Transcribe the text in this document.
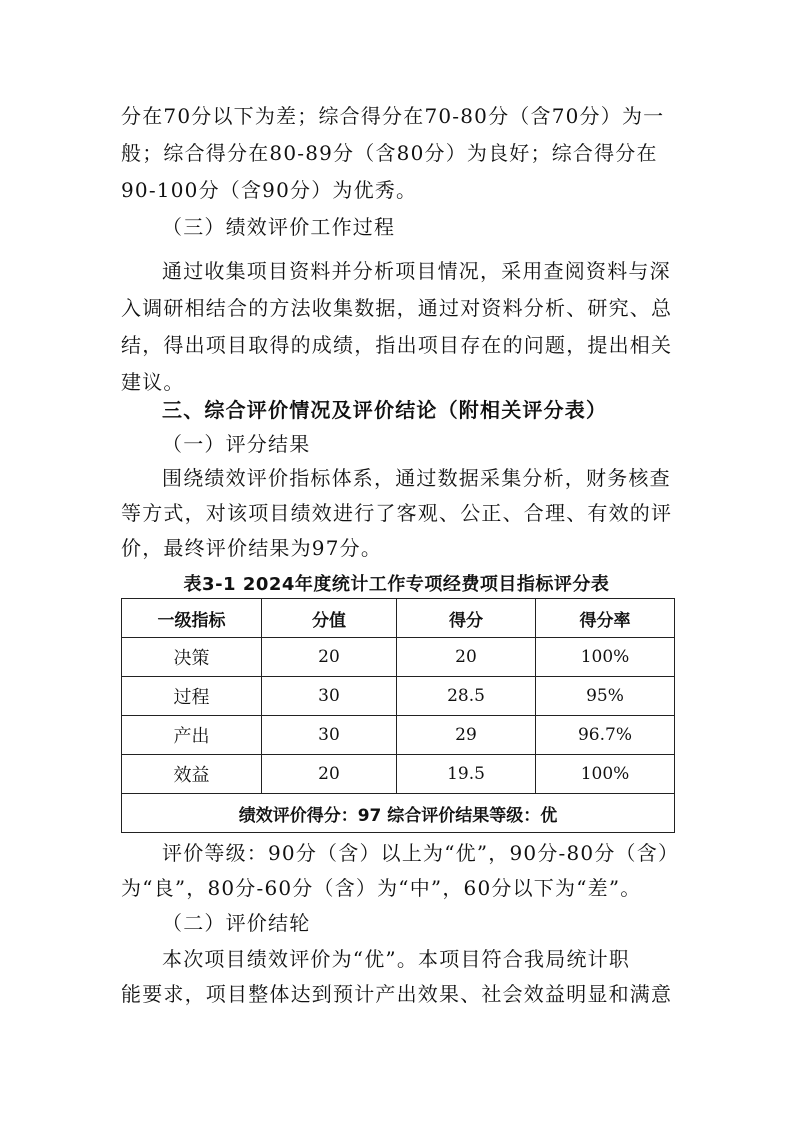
分在70分以下为差；综合得分在70-80分（含70分）为一
般；综合得分在80-89分（含80分）为良好；综合得分在
90-100分（含90分）为优秀。
（三）绩效评价工作过程
通过收集项目资料并分析项目情况，采用查阅资料与深
入调研相结合的方法收集数据，通过对资料分析、研究、总
结，得出项目取得的成绩，指出项目存在的问题，提出相关
建议。
三、综合评价情况及评价结论（附相关评分表）
（一）评分结果
围绕绩效评价指标体系，通过数据采集分析，财务核查
等方式，对该项目绩效进行了客观、公正、合理、有效的评
价，最终评价结果为97分。
表3-1 2024年度统计工作专项经费项目指标评分表
一级指标	分值	得分	得分率
决策	20	20	100%
过程	30	28.5	95%
产出	30	29	96.7%
效益	20	19.5	100%
绩效评价得分：97 综合评价结果等级：优			
评价等级：90分（含）以上为“优”，90分-80分（含）
为“良”，80分-60分（含）为“中”，60分以下为“差”。
（二）评价结轮
本次项目绩效评价为“优”。本项目符合我局统计职
能要求，项目整体达到预计产出效果、社会效益明显和满意
